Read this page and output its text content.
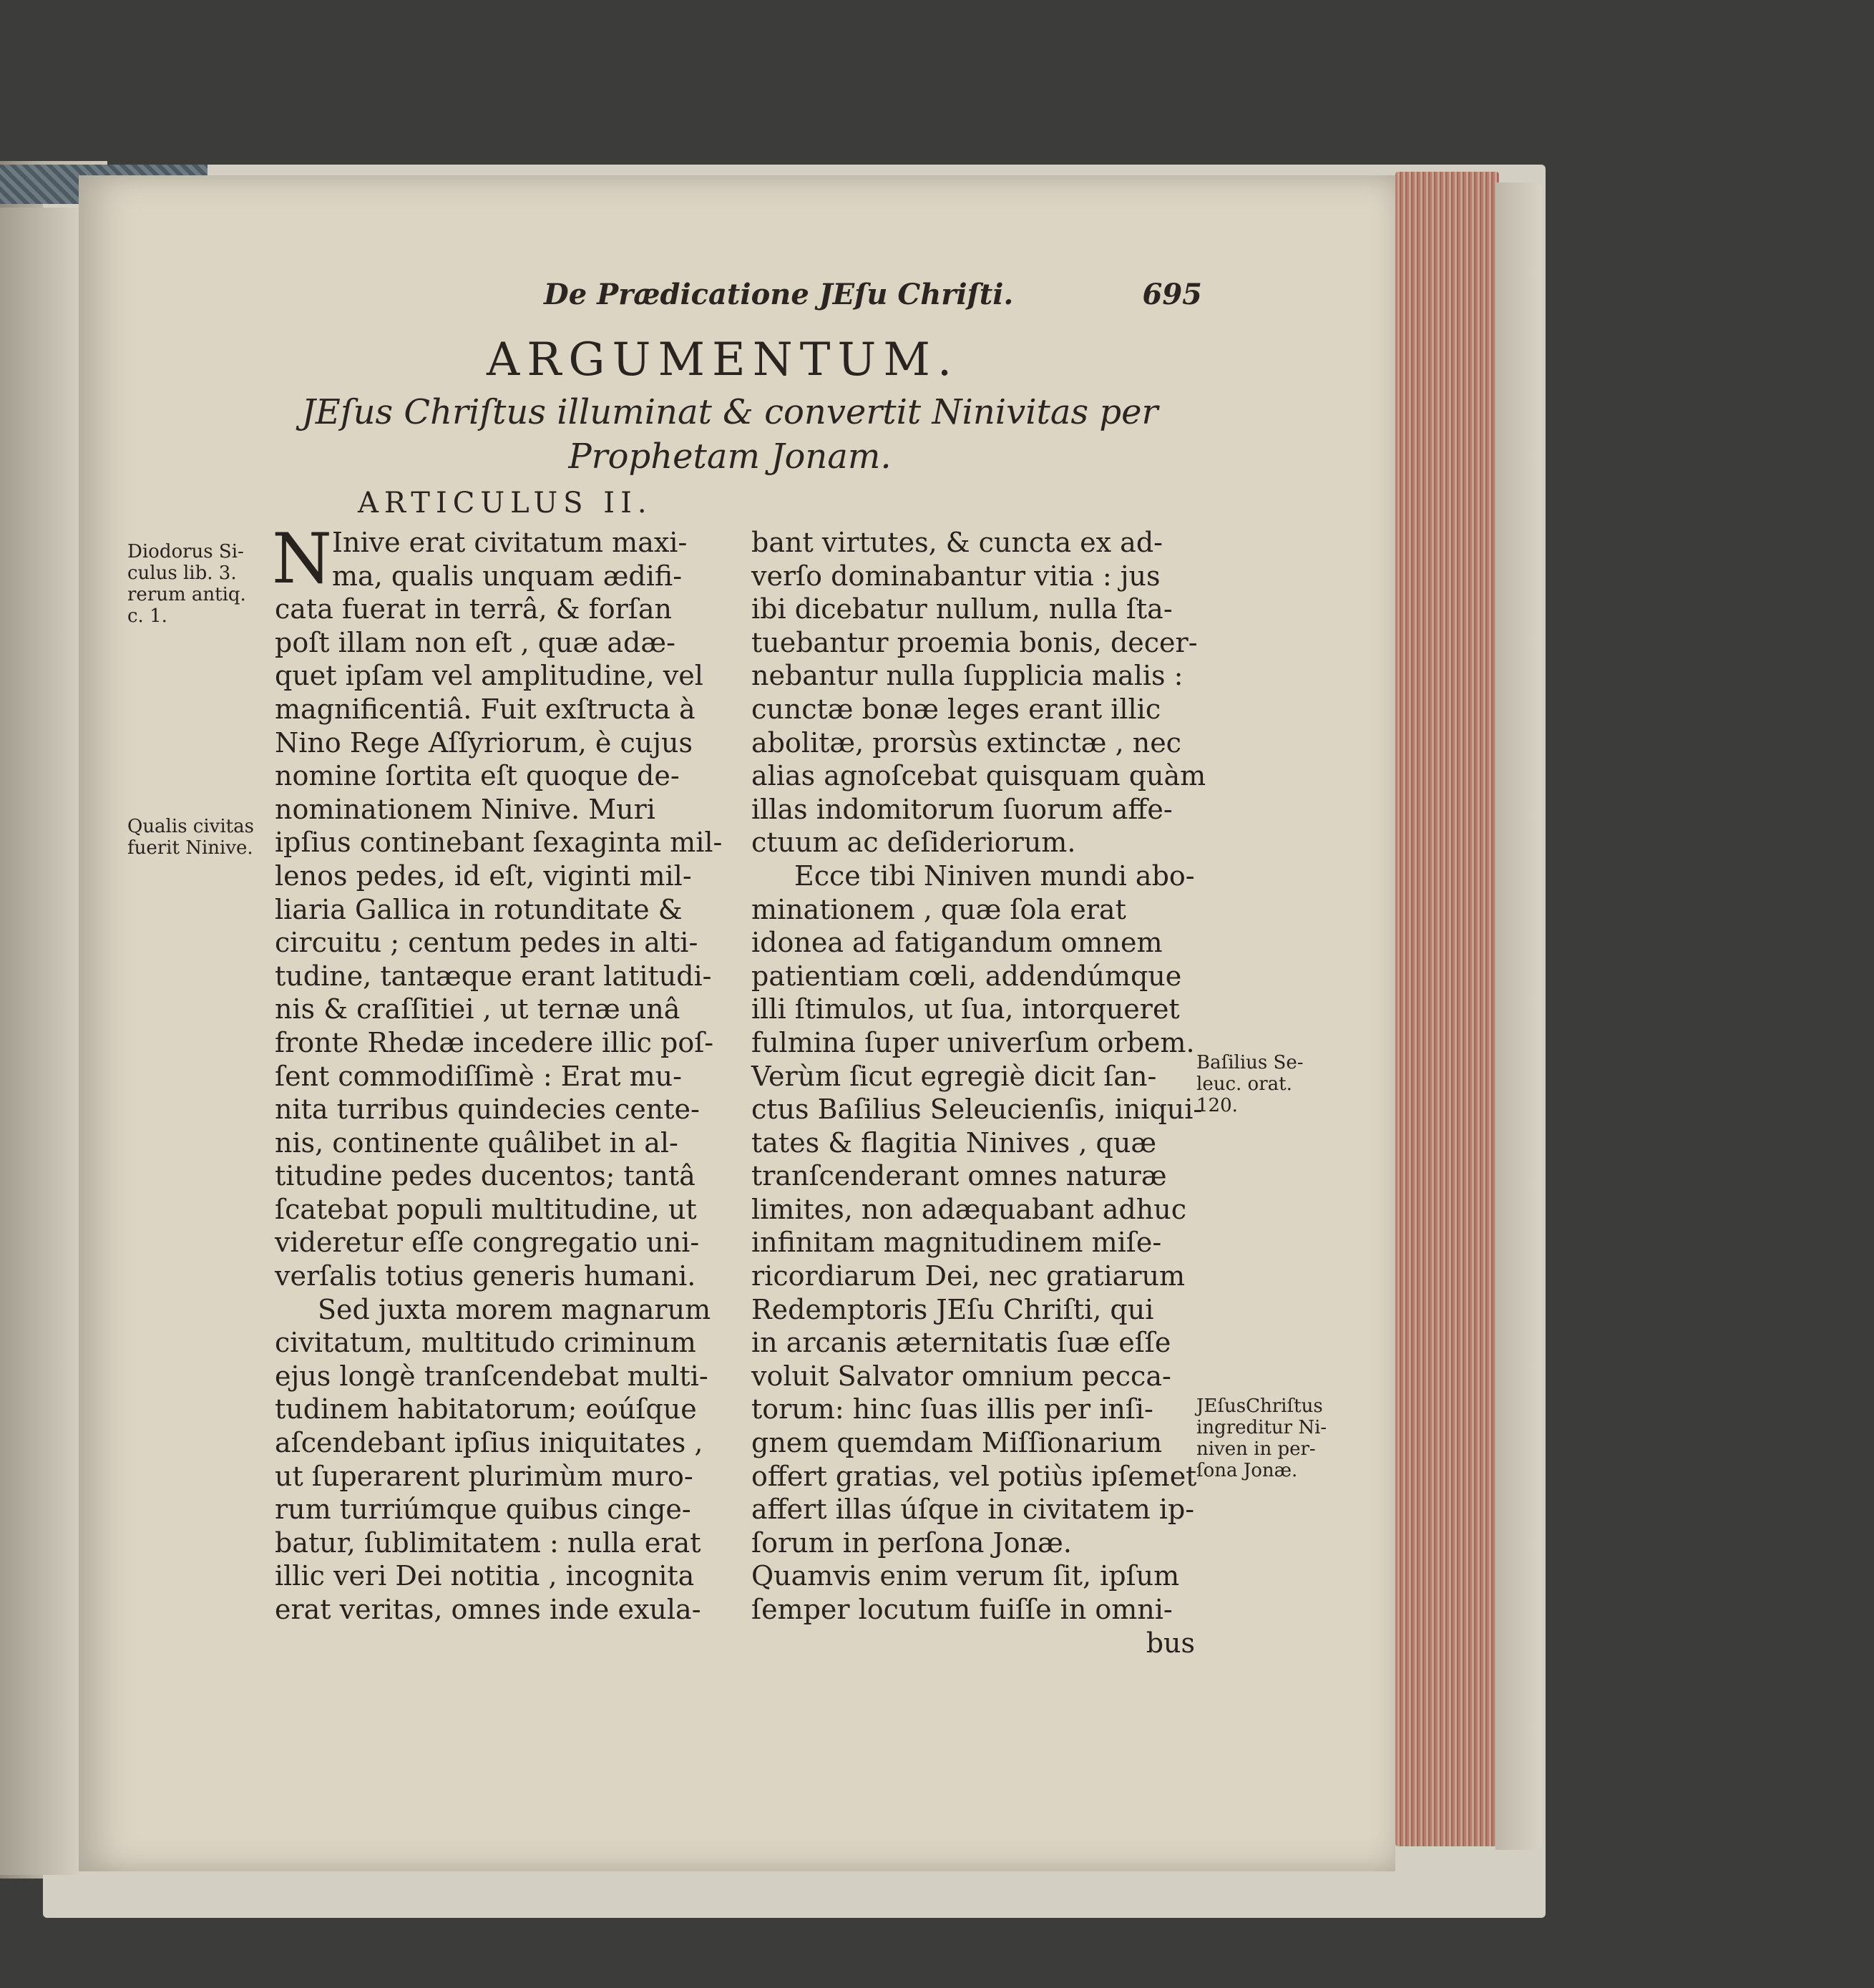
De Prædicatione JEſu Chriſti.	695
ARGUMENTUM.
JEſus Chriſtus illuminat & convertit Ninivitas per
Prophetam Jonam.
ARTICULUS II.
N
Diodorus Si-
culus lib. 3.
rerum antiq.
c. 1.
Qualis civitas
fuerit Ninive.
Baſilius Se-
leuc. orat.
120.
JEſusChriſtus
ingreditur Ni-
niven in per-
ſona Jonæ.
Inive erat civitatum maxi-
ma, qualis unquam ædifi-
cata fuerat in terrâ, & forſan
poſt illam non eſt , quæ adæ-
quet ipſam vel amplitudine, vel
magnificentiâ. Fuit exſtructa à
Nino Rege Aſſyriorum, è cujus
nomine ſortita eſt quoque de-
nominationem Ninive. Muri
ipſius continebant ſexaginta mil-
lenos pedes, id eſt, viginti mil-
liaria Gallica in rotunditate &
circuitu ; centum pedes in alti-
tudine, tantæque erant latitudi-
nis & craſſitiei , ut ternæ unâ
fronte Rhedæ incedere illic poſ-
ſent commodiſſimè : Erat mu-
nita turribus quindecies cente-
nis, continente quâlibet in al-
titudine pedes ducentos; tantâ
ſcatebat populi multitudine, ut
videretur eſſe congregatio uni-
verſalis totius generis humani.
Sed juxta morem magnarum
civitatum, multitudo criminum
ejus longè tranſcendebat multi-
tudinem habitatorum; eoúſque
aſcendebant ipſius iniquitates ,
ut ſuperarent plurimùm muro-
rum turriúmque quibus cinge-
batur, ſublimitatem : nulla erat
illic veri Dei notitia , incognita
erat veritas, omnes inde exula-
bant virtutes, & cuncta ex ad-
verſo dominabantur vitia : jus
ibi dicebatur nullum, nulla ſta-
tuebantur proemia bonis, decer-
nebantur nulla ſupplicia malis :
cunctæ bonæ leges erant illic
abolitæ, prorsùs extinctæ , nec
alias agnoſcebat quisquam quàm
illas indomitorum ſuorum affe-
ctuum ac deſideriorum.
Ecce tibi Niniven mundi abo-
minationem , quæ ſola erat
idonea ad fatigandum omnem
patientiam cœli, addendúmque
illi ſtimulos, ut ſua, intorqueret
fulmina ſuper univerſum orbem.
Verùm ſicut egregiè dicit ſan-
ctus Baſilius Seleucienſis, iniqui-
tates & flagitia Ninives , quæ
tranſcenderant omnes naturæ
limites, non adæquabant adhuc
infinitam magnitudinem miſe-
ricordiarum Dei, nec gratiarum
Redemptoris JEſu Chriſti, qui
in arcanis æternitatis ſuæ eſſe
voluit Salvator omnium pecca-
torum: hinc ſuas illis per inſi-
gnem quemdam Miſſionarium
offert gratias, vel potiùs ipſemet
affert illas úſque in civitatem ip-
ſorum in perſona Jonæ.
Quamvis enim verum ſit, ipſum
ſemper locutum fuiſſe in omni-
bus
